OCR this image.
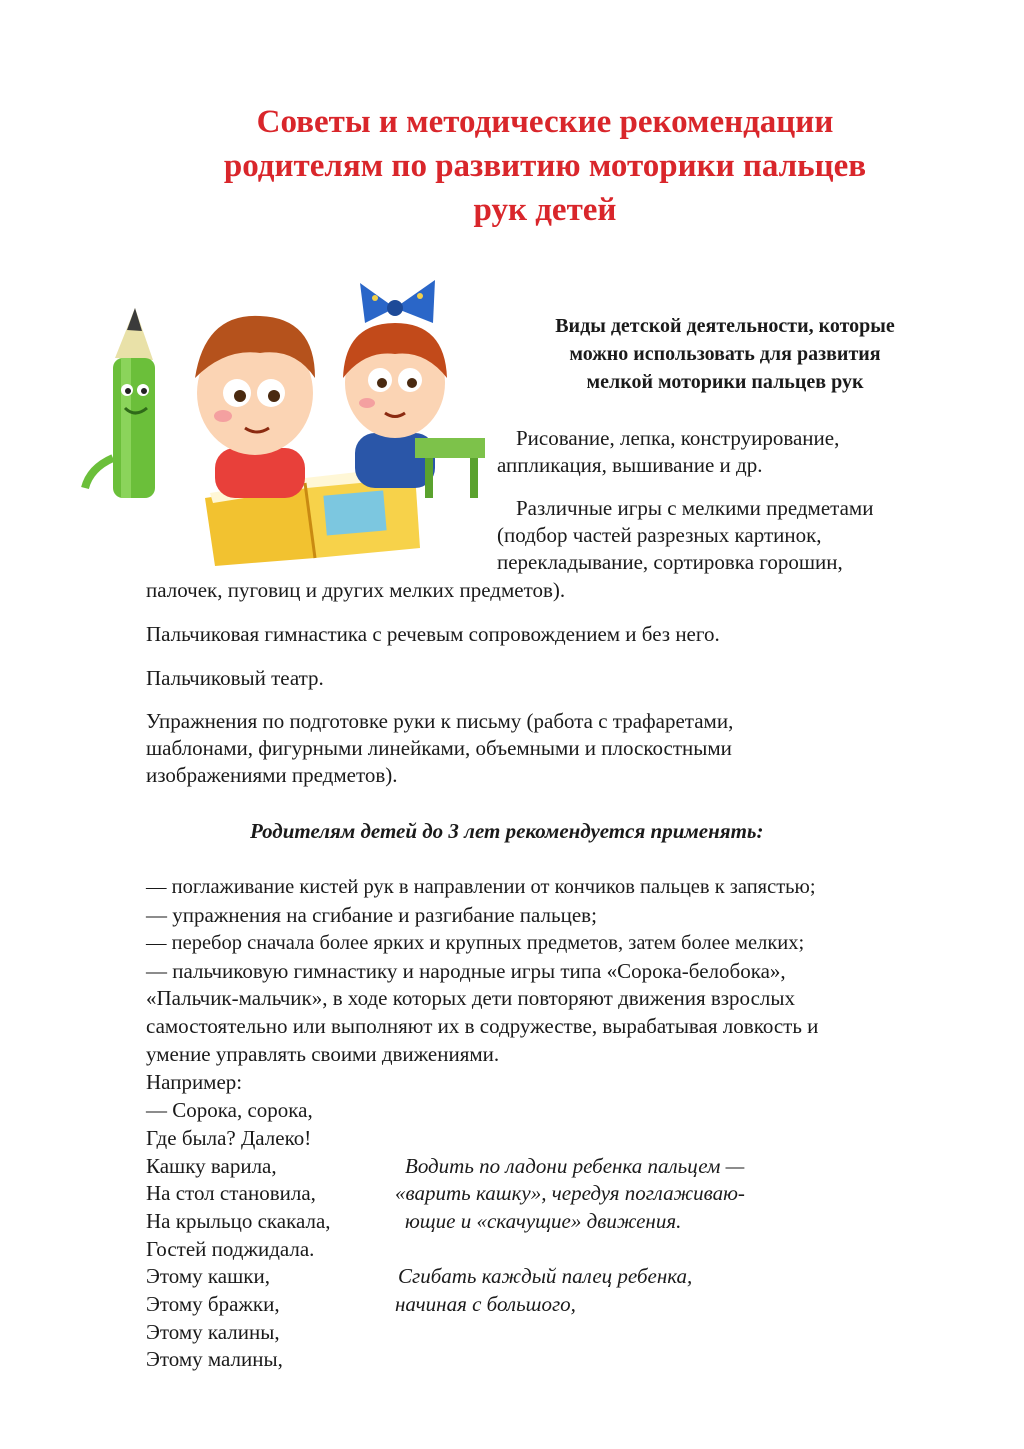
Советы и методические рекомендации
родителям по развитию моторики пальцев
рук детей
Виды детской деятельности, которые
можно использовать для развития
мелкой моторики пальцев рук
Рисование, лепка, конструирование,
аппликация, вышивание и др.
Различные игры с мелкими предметами
(подбор частей разрезных картинок,
перекладывание, сортировка горошин,
палочек, пуговиц и других мелких предметов).
Пальчиковая гимнастика с речевым сопровождением и без него.
Пальчиковый театр.
Упражнения по подготовке руки к письму (работа с трафаретами,
шаблонами, фигурными линейками, объемными и плоскостными
изображениями предметов).
Родителям детей до 3 лет рекомендуется применять:
— поглаживание кистей рук в направлении от кончиков пальцев к запястью;
— упражнения на сгибание и разгибание пальцев;
— перебор сначала более ярких и крупных предметов, затем более мелких;
— пальчиковую гимнастику и народные игры типа «Сорока-белобока»,
«Пальчик-мальчик», в ходе которых дети повторяют движения взрослых
самостоятельно или выполняют их в содружестве, вырабатывая ловкость и
умение управлять своими движениями.
Например:
— Сорока, сорока,
Где была? Далеко!
Кашку варила,
На стол становила,
На крыльцо скакала,
Гостей поджидала.
Этому кашки,
Этому бражки,
Этому калины,
Этому малины,
Водить по ладони ребенка пальцем —
«варить кашку», чередуя поглаживаю-
ющие и «скачущие» движения.
Сгибать каждый палец ребенка,
начиная с большого,
